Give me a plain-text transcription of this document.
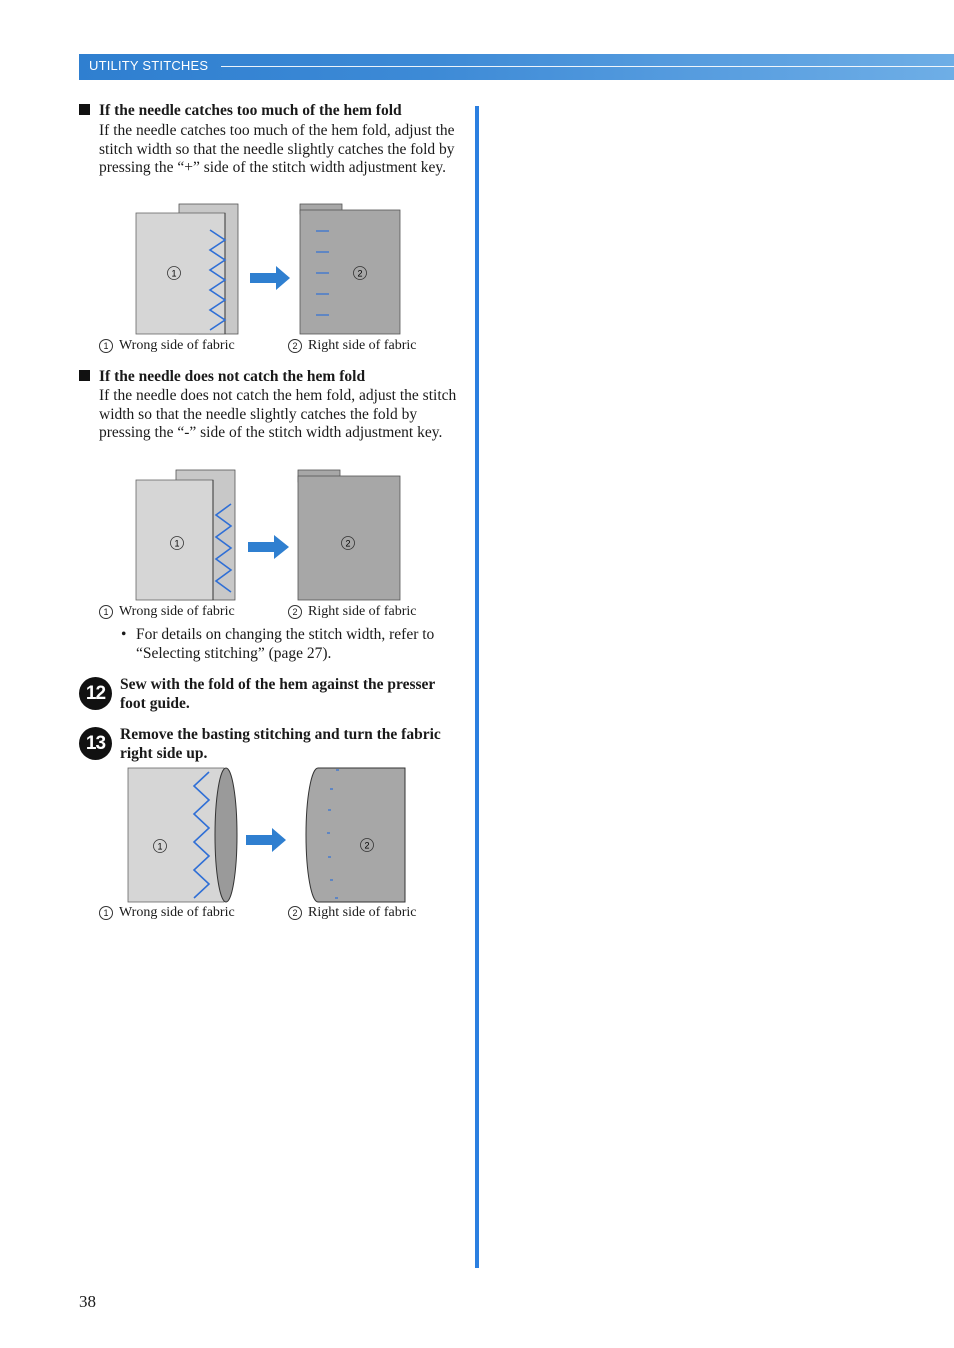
UTILITY STITCHES
If the needle catches too much of the hem fold
If the needle catches too much of the hem fold, adjust the stitch width so that the needle slightly catches the fold by pressing the “+” side of the stitch width adjustment key.
1	2
1 Wrong side of fabric	2 Right side of fabric
If the needle does not catch the hem fold
If the needle does not catch the hem fold, adjust the stitch width so that the needle slightly catches the fold by pressing the “-” side of the stitch width adjustment key.
1	2
1 Wrong side of fabric	2 Right side of fabric
• For details on changing the stitch width, refer to “Selecting stitching” (page 27).
12 Sew with the fold of the hem against the presser foot guide.
13 Remove the basting stitching and turn the fabric right side up.
1	2
1 Wrong side of fabric	2 Right side of fabric
38
